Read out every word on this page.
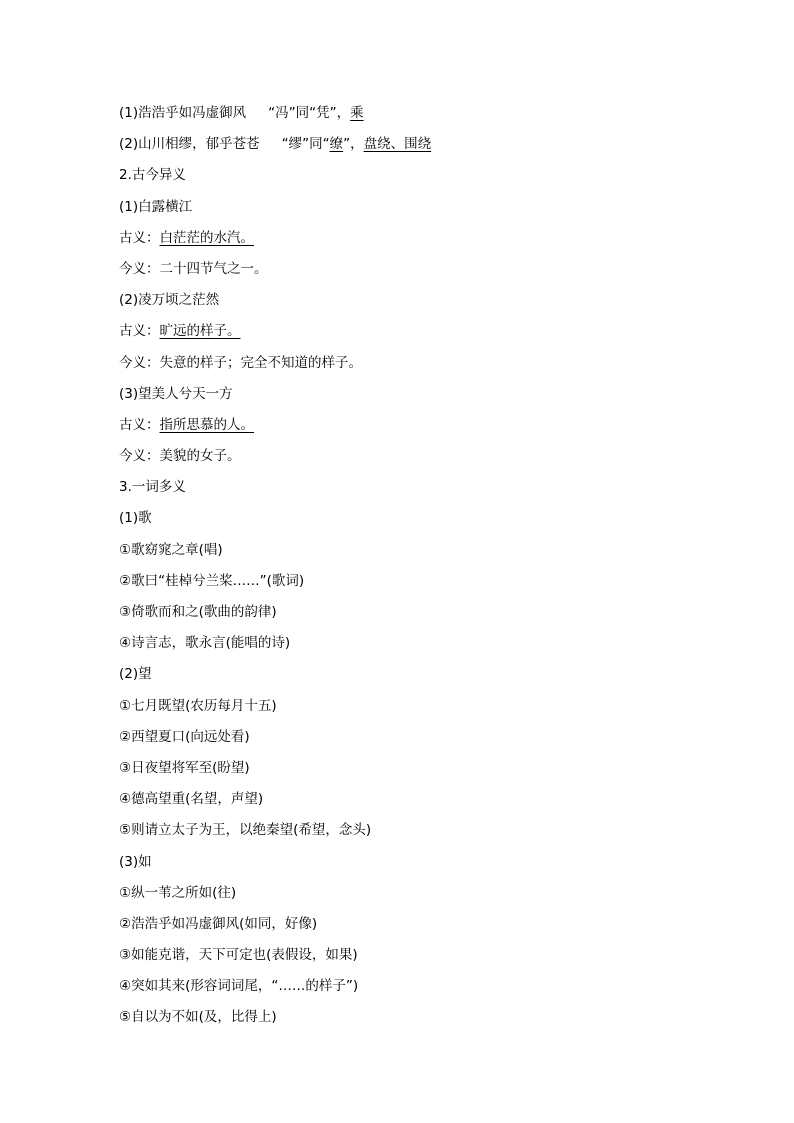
(1)浩浩乎如冯虚御风 “冯”同“凭”，乘
(2)山川相缪，郁乎苍苍 “缪”同“缭”，盘绕、围绕
2.古今异义
(1)白露横江
古义：白茫茫的水汽。
今义：二十四节气之一。
(2)凌万顷之茫然
古义：旷远的样子。
今义：失意的样子；完全不知道的样子。
(3)望美人兮天一方
古义：指所思慕的人。
今义：美貌的女子。
3.一词多义
(1)歌
①歌窈窕之章(唱)
②歌曰“桂棹兮兰桨……”(歌词)
③倚歌而和之(歌曲的韵律)
④诗言志，歌永言(能唱的诗)
(2)望
①七月既望(农历每月十五)
②西望夏口(向远处看)
③日夜望将军至(盼望)
④德高望重(名望，声望)
⑤则请立太子为王，以绝秦望(希望，念头)
(3)如
①纵一苇之所如(往)
②浩浩乎如冯虚御风(如同，好像)
③如能克谐，天下可定也(表假设，如果)
④突如其来(形容词词尾，“……的样子”)
⑤自以为不如(及，比得上)
